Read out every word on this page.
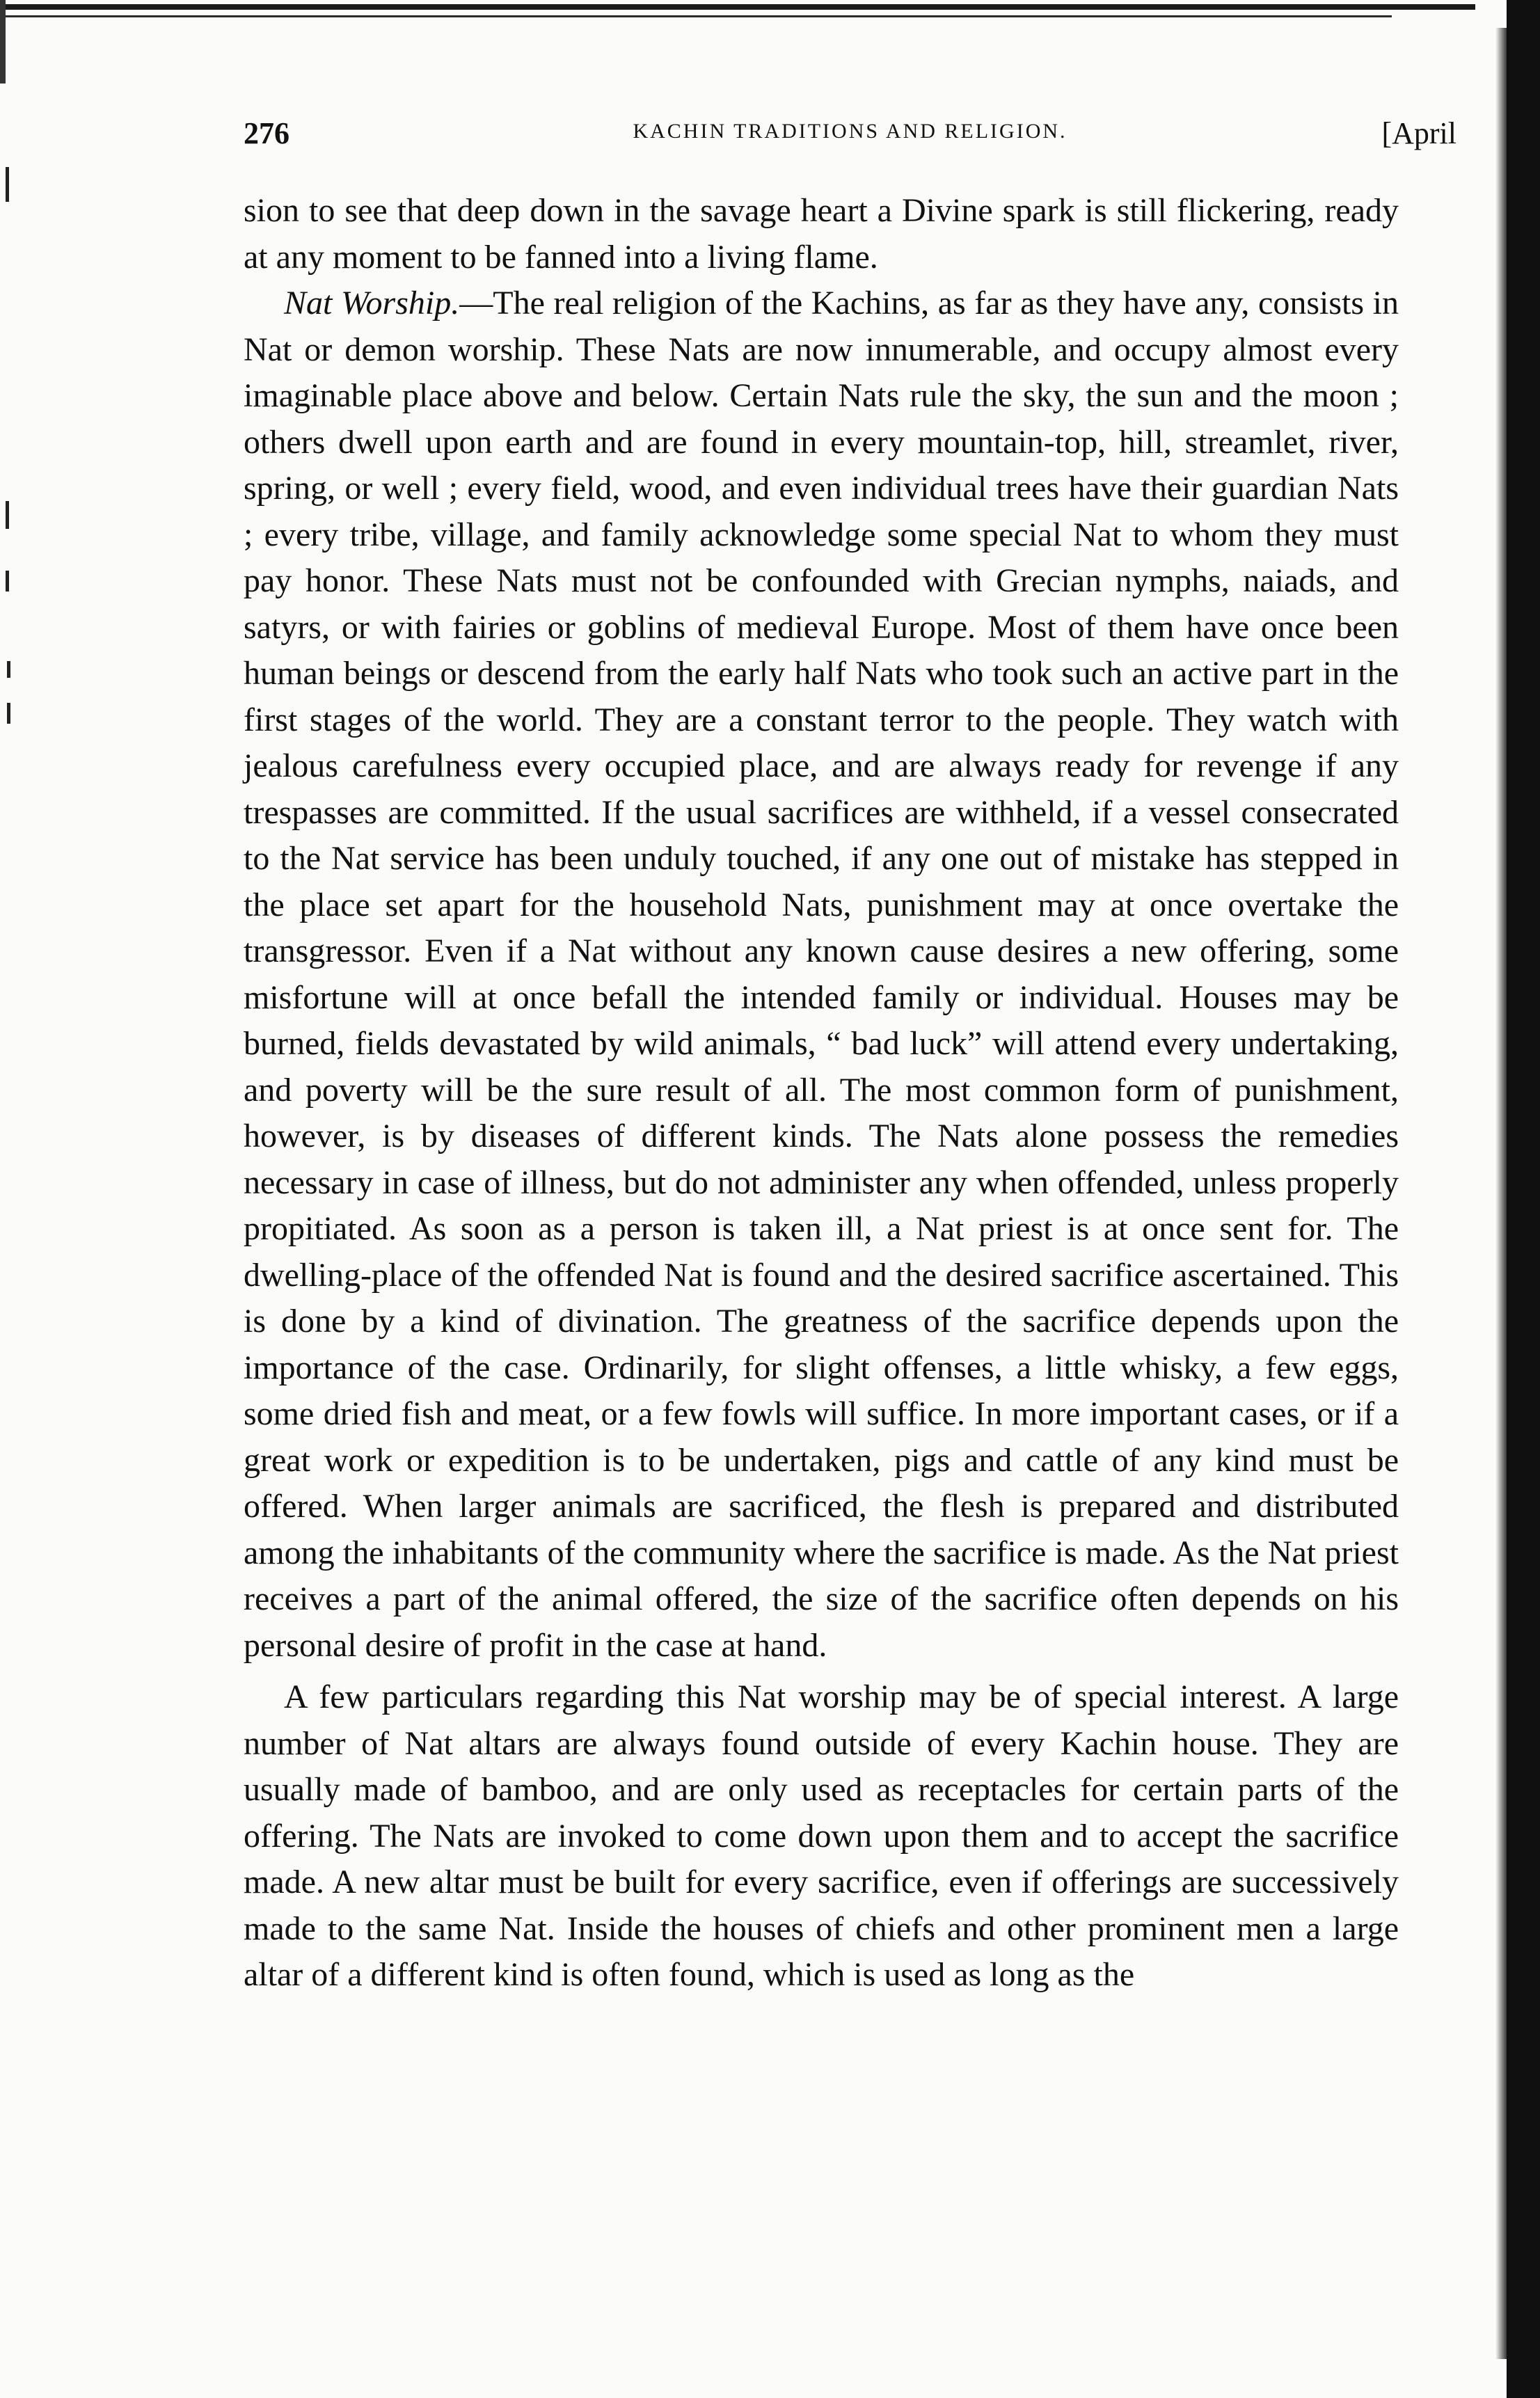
276	KACHIN TRADITIONS AND RELIGION.	[April

sion to see that deep down in the savage heart a Divine spark is still flickering, ready at any moment to be fanned into a living flame.

Nat Worship.—The real religion of the Kachins, as far as they have any, consists in Nat or demon worship. These Nats are now innumerable, and occupy almost every imaginable place above and below. Certain Nats rule the sky, the sun and the moon ; others dwell upon earth and are found in every mountain-top, hill, streamlet, river, spring, or well ; every field, wood, and even individual trees have their guardian Nats ; every tribe, village, and family acknowledge some special Nat to whom they must pay honor. These Nats must not be confounded with Grecian nymphs, naiads, and satyrs, or with fairies or goblins of medieval Europe. Most of them have once been human beings or descend from the early half Nats who took such an active part in the first stages of the world. They are a constant terror to the people. They watch with jealous carefulness every occupied place, and are always ready for revenge if any trespasses are committed. If the usual sacrifices are withheld, if a vessel consecrated to the Nat service has been unduly touched, if any one out of mistake has stepped in the place set apart for the household Nats, punishment may at once overtake the transgressor. Even if a Nat without any known cause desires a new offering, some misfortune will at once befall the intended family or individual. Houses may be burned, fields devastated by wild animals, “ bad luck” will attend every undertaking, and poverty will be the sure result of all. The most common form of punishment, however, is by diseases of different kinds. The Nats alone possess the remedies necessary in case of illness, but do not administer any when offended, unless properly propitiated. As soon as a person is taken ill, a Nat priest is at once sent for. The dwelling-place of the offended Nat is found and the desired sacrifice ascertained. This is done by a kind of divination. The greatness of the sacrifice depends upon the importance of the case. Ordinarily, for slight offenses, a little whisky, a few eggs, some dried fish and meat, or a few fowls will suffice. In more important cases, or if a great work or expedition is to be undertaken, pigs and cattle of any kind must be offered. When larger animals are sacrificed, the flesh is prepared and distributed among the inhabitants of the community where the sacrifice is made. As the Nat priest receives a part of the animal offered, the size of the sacrifice often depends on his personal desire of profit in the case at hand.

A few particulars regarding this Nat worship may be of special interest. A large number of Nat altars are always found outside of every Kachin house. They are usually made of bamboo, and are only used as receptacles for certain parts of the offering. The Nats are invoked to come down upon them and to accept the sacrifice made. A new altar must be built for every sacrifice, even if offerings are successively made to the same Nat. Inside the houses of chiefs and other prominent men a large altar of a different kind is often found, which is used as long as the
